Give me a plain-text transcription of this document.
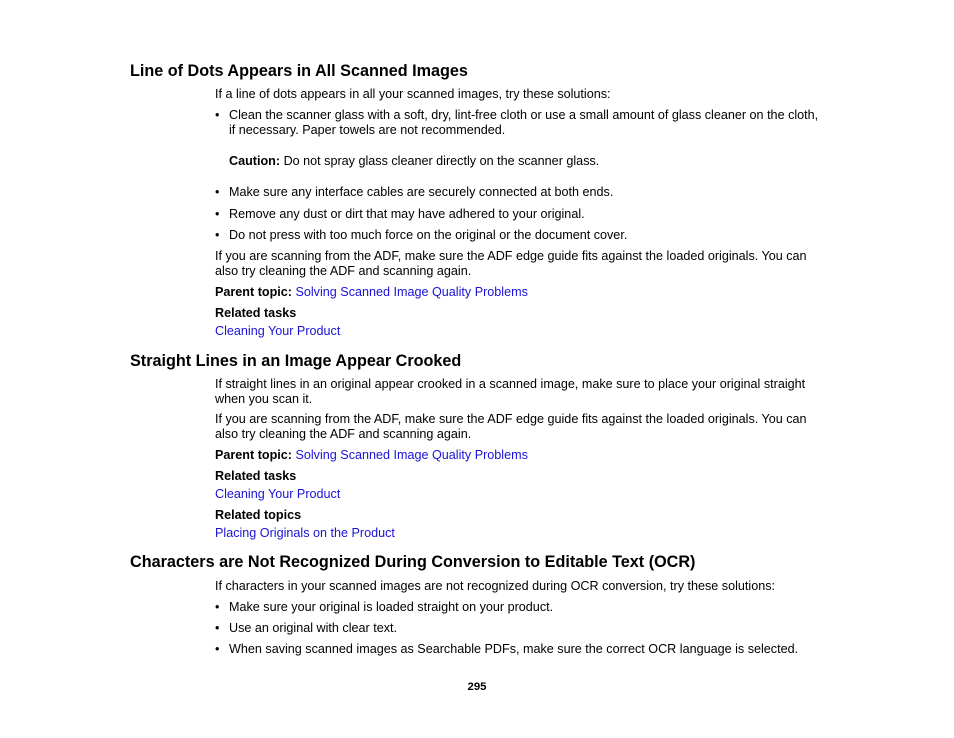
Line of Dots Appears in All Scanned Images

If a line of dots appears in all your scanned images, try these solutions:

• Clean the scanner glass with a soft, dry, lint-free cloth or use a small amount of glass cleaner on the cloth, if necessary. Paper towels are not recommended.

Caution: Do not spray glass cleaner directly on the scanner glass.

• Make sure any interface cables are securely connected at both ends.
• Remove any dust or dirt that may have adhered to your original.
• Do not press with too much force on the original or the document cover.

If you are scanning from the ADF, make sure the ADF edge guide fits against the loaded originals. You can also try cleaning the ADF and scanning again.

Parent topic: Solving Scanned Image Quality Problems

Related tasks

Cleaning Your Product

Straight Lines in an Image Appear Crooked

If straight lines in an original appear crooked in a scanned image, make sure to place your original straight when you scan it.

If you are scanning from the ADF, make sure the ADF edge guide fits against the loaded originals. You can also try cleaning the ADF and scanning again.

Parent topic: Solving Scanned Image Quality Problems

Related tasks

Cleaning Your Product

Related topics

Placing Originals on the Product

Characters are Not Recognized During Conversion to Editable Text (OCR)

If characters in your scanned images are not recognized during OCR conversion, try these solutions:

• Make sure your original is loaded straight on your product.
• Use an original with clear text.
• When saving scanned images as Searchable PDFs, make sure the correct OCR language is selected.
295
